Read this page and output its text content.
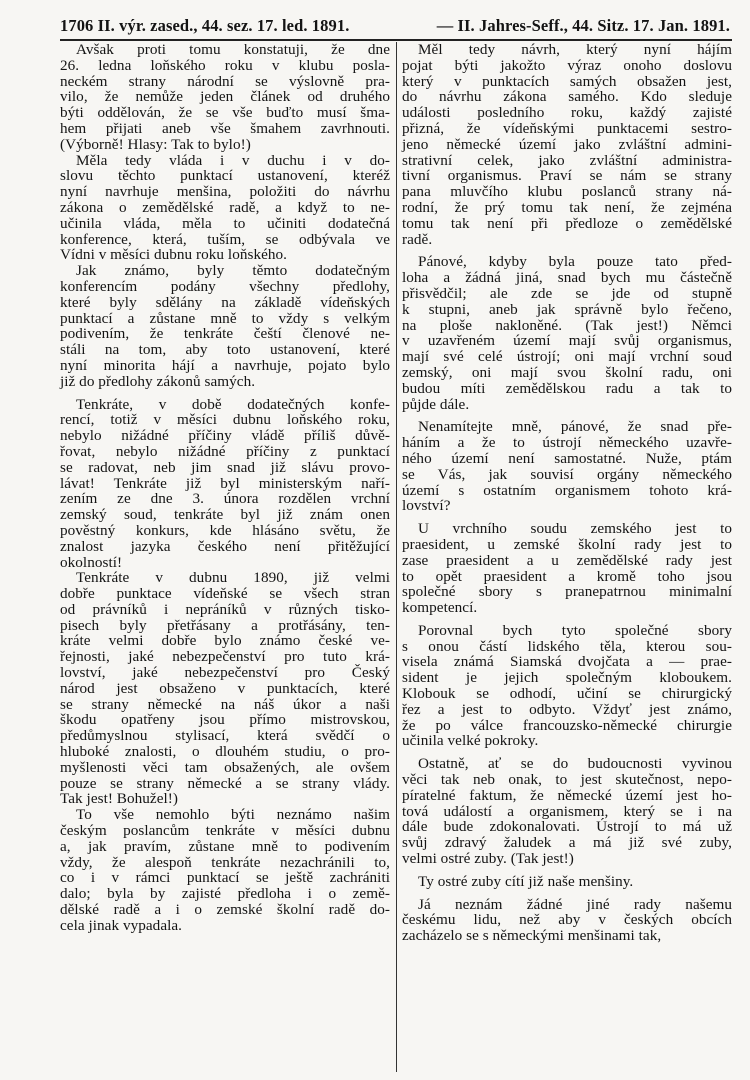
1706 II. výr. zased., 44. sez. 17. led. 1891.	— II. Jahres-Seff., 44. Sitz. 17. Jan. 1891.
Avšak proti tomu konstatuji, že dne
26. ledna loňského roku v klubu posla-
neckém strany národní se výslovně pra-
vilo, že nemůže jeden článek od druhého
býti oddělován, že se vše buďto musí šma-
hem přijati aneb vše šmahem zavrhnouti.
(Výborně! Hlasy: Tak to bylo!)
Měla tedy vláda i v duchu i v do-
slovu těchto punktací ustanovení, kteréž
nyní navrhuje menšina, položiti do návrhu
zákona o zemědělské radě, a když to ne-
učinila vláda, měla to učiniti dodatečná
konference, která, tuším, se odbývala ve
Vídni v měsíci dubnu roku loňského.
Jak známo, byly těmto dodatečným
konferencím podány všechny předlohy,
které byly sdělány na základě vídeňských
punktací a zůstane mně to vždy s velkým
podivením, že tenkráte čeští členové ne-
stáli na tom, aby toto ustanovení, které
nyní minorita hájí a navrhuje, pojato bylo
již do předlohy zákonů samých.
Tenkráte, v době dodatečných konfe-
rencí, totiž v měsíci dubnu loňského roku,
nebylo nižádné příčiny vládě příliš důvě-
řovat, nebylo nižádné příčiny z punktací
se radovat, neb jim snad již slávu provo-
lávat! Tenkráte již byl ministerským naří-
zením ze dne 3. února rozdělen vrchní
zemský soud, tenkráte byl již znám onen
pověstný konkurs, kde hlásáno světu, že
znalost jazyka českého není přitěžující
okolností!
Tenkráte v dubnu 1890, již velmi
dobře punktace vídeňské se všech stran
od právníků i nepráníků v různých tisko-
pisech byly přetřásany a protřásány, ten-
kráte velmi dobře bylo známo české ve-
řejnosti, jaké nebezpečenství pro tuto krá-
lovství, jaké nebezpečenství pro Český
národ jest obsaženo v punktacích, které
se strany německé na náš úkor a naši
škodu opatřeny jsou přímo mistrovskou,
předůmyslnou stylisací, která svědčí o
hluboké znalosti, o dlouhém studiu, o pro-
myšlenosti věci tam obsažených, ale ovšem
pouze se strany německé a se strany vlády.
Tak jest! Bohužel!)
To vše nemohlo býti neznámo našim
českým poslancům tenkráte v měsíci dubnu
a, jak pravím, zůstane mně to podivením
vždy, že alespoň tenkráte nezachránili to,
co i v rámci punktací se ještě zachrániti
dalo; byla by zajisté předloha i o země-
dělské radě a i o zemské školní radě do-
cela jinak vypadala.
Měl tedy návrh, který nyní hájím
pojat býti jakožto výraz onoho doslovu
který v punktacích samých obsažen jest,
do návrhu zákona samého. Kdo sleduje
události posledního roku, každý zajisté
přizná, že vídeňskými punktacemi sestro-
jeno německé území jako zvláštní admini-
strativní celek, jako zvláštní administra-
tivní organismus. Praví se nám se strany
pana mluvčího klubu poslanců strany ná-
rodní, že prý tomu tak není, že zejména
tomu tak není při předloze o zemědělské
radě.
Pánové, kdyby byla pouze tato před-
loha a žádná jiná, snad bych mu částečně
přisvědčil; ale zde se jde od stupně
k stupni, aneb jak správně bylo řečeno,
na ploše nakloněné. (Tak jest!) Němci
v uzavřeném území mají svůj organismus,
mají své celé ústrojí; oni mají vrchní soud
zemský, oni mají svou školní radu, oni
budou míti zemědělskou radu a tak to
půjde dále.
Nenamítejte mně, pánové, že snad pře-
háním a že to ústrojí německého uzavře-
ného území není samostatné. Nuže, ptám
se Vás, jak souvisí orgány německého
území s ostatním organismem tohoto krá-
lovství?
U vrchního soudu zemského jest to
praesident, u zemské školní rady jest to
zase praesident a u zemědělské rady jest
to opět praesident a kromě toho jsou
společné sbory s pranepatrnou minimalní
kompetencí.
Porovnal bych tyto společné sbory
s onou částí lidského těla, kterou sou-
visela známá Siamská dvojčata a — prae-
sident je jejich společným kloboukem.
Klobouk se odhodí, učiní se chirurgický
řez a jest to odbyto. Vždyť jest známo,
že po válce francouzsko-německé chirurgie
učinila velké pokroky.
Ostatně, ať se do budoucnosti vyvinou
věci tak neb onak, to jest skutečnost, nepo-
píratelné faktum, že německé území jest ho-
tová událostí a organismem, který se i na
dále bude zdokonalovati. Ústrojí to má už
svůj zdravý žaludek a má již své zuby,
velmi ostré zuby. (Tak jest!)
Ty ostré zuby cítí již naše menšiny.
Já neznám žádné jiné rady našemu
českému lidu, než aby v českých obcích
zacházelo se s německými menšinami tak,
